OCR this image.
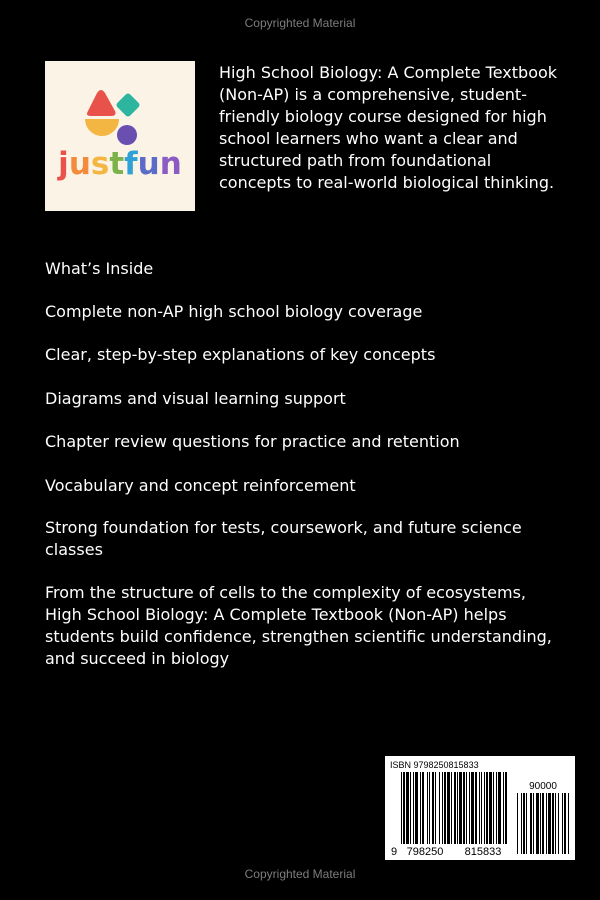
Copyrighted Material
justfun
High School Biology: A Complete Textbook (Non-AP) is a comprehensive, student-friendly biology course designed for high school learners who want a clear and structured path from foundational concepts to real-world biological thinking.
What’s Inside
Complete non-AP high school biology coverage
Clear, step-by-step explanations of key concepts
Diagrams and visual learning support
Chapter review questions for practice and retention
Vocabulary and concept reinforcement
Strong foundation for tests, coursework, and future science classes
From the structure of cells to the complexity of ecosystems, High School Biology: A Complete Textbook (Non-AP) helps students build confidence, strengthen scientific understanding, and succeed in biology
ISBN 9798250815833
90000
9 798250 815833
Copyrighted Material
